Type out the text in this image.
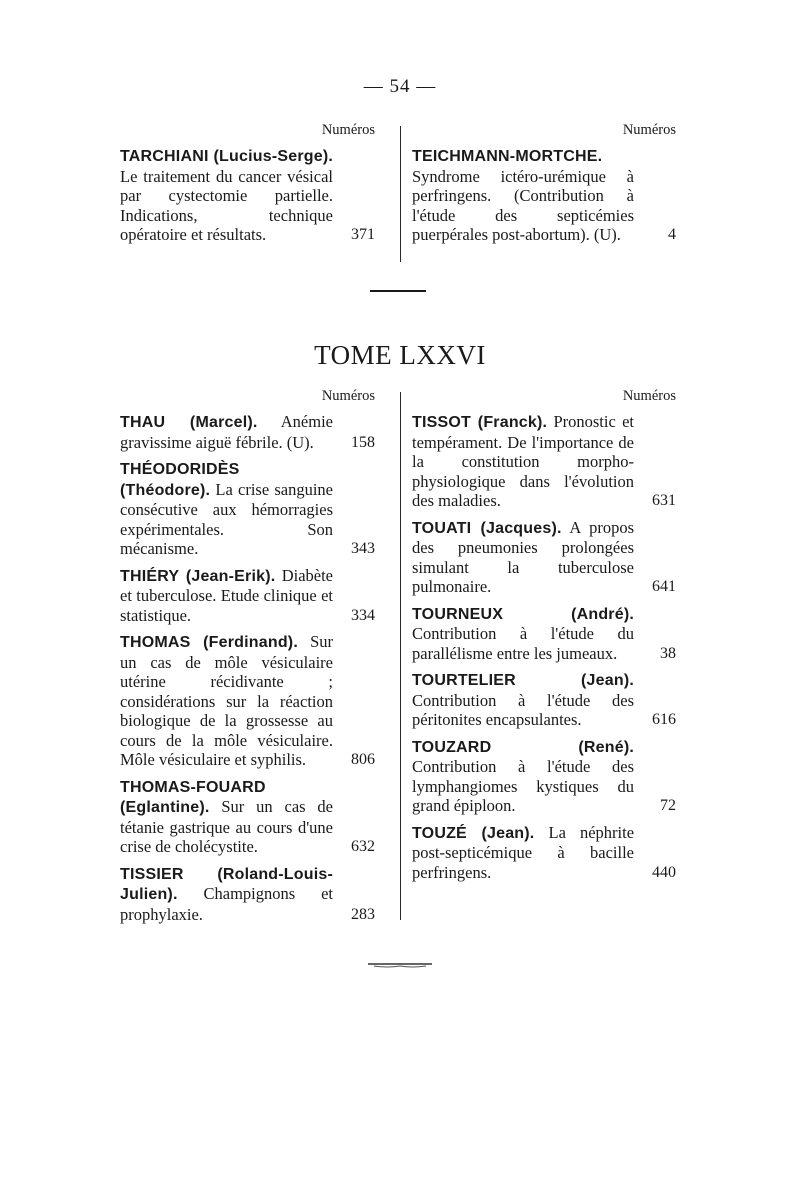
— 54 —
Numéros
TARCHIANI (Lucius-Serge). Le traitement du cancer vésical par cystectomie partielle. Indications, technique opératoire et résultats.	371
Numéros
TEICHMANN-MORTCHE. Syndrome ictéro-urémique à perfringens. (Contribution à l'étude des septicémies puerpérales post-abortum). (U).	4
TOME LXXVI
Numéros
THAU (Marcel). Anémie gravissime aiguë fébrile. (U).	158
THÉODORIDÈS (Théodore). La crise sanguine consécutive aux hémorragies expérimentales. Son mécanisme.	343
THIÉRY (Jean-Erik). Diabète et tuberculose. Etude clinique et statistique.	334
THOMAS (Ferdinand). Sur un cas de môle vésiculaire utérine récidivante ; considérations sur la réaction biologique de la grossesse au cours de la môle vésiculaire. Môle vésiculaire et syphilis.	806
THOMAS-FOUARD (Eglantine). Sur un cas de tétanie gastrique au cours d'une crise de cholécystite.	632
TISSIER (Roland-Louis-Julien). Champignons et prophylaxie.	283
Numéros
TISSOT (Franck). Pronostic et tempérament. De l'importance de la constitution morpho-physiologique dans l'évolution des maladies.	631
TOUATI (Jacques). A propos des pneumonies prolongées simulant la tuberculose pulmonaire.	641
TOURNEUX (André). Contribution à l'étude du parallélisme entre les jumeaux.	38
TOURTELIER (Jean). Contribution à l'étude des péritonites encapsulantes.	616
TOUZARD (René). Contribution à l'étude des lymphangiomes kystiques du grand épiploon.	72
TOUZÉ (Jean). La néphrite post-septicémique à bacille perfringens.	440
